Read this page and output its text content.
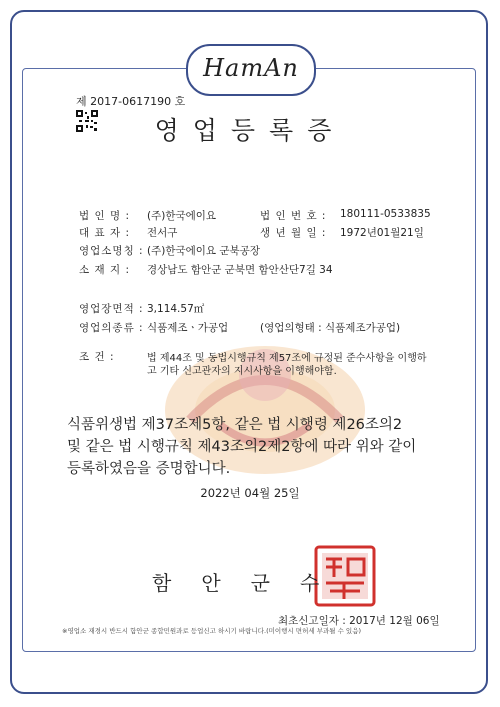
HamAn
제 2017-0617190 호
영업등록증
법 인 명 : (주)한국에이요	법 인 번 호 : 180111-0533835
대 표 자 : 전서구	생 년 월 일 : 1972년01월21일
영업소명칭 : (주)한국에이요 군북공장
소 재 지 : 경상남도 함안군 군북면 함안산단7길 34
영업장면적 : 3,114.57㎡
영업의종류 : 식품제조ㆍ가공업	(영업의형태 : 식품제조가공업)
조 건 :	법 제44조 및 동법시행규칙 제57조에 규정된 준수사항을 이행하
고 기타 신고관자의 지시사항을 이행해야함.
식품위생법 제37조제5항, 같은 법 시행령 제26조의2
및 같은 법 시행규칙 제43조의2제2항에 따라 위와 같이
등록하였음을 증명합니다.
2022년 04월 25일
함안군수
최초신고일자 : 2017년 12월 06일
※영업소 재경시 반드시 함안군 종합민원과로 등업신고 하시기 바랍니다.(미이행시 면허세 부과될 수 있음)
